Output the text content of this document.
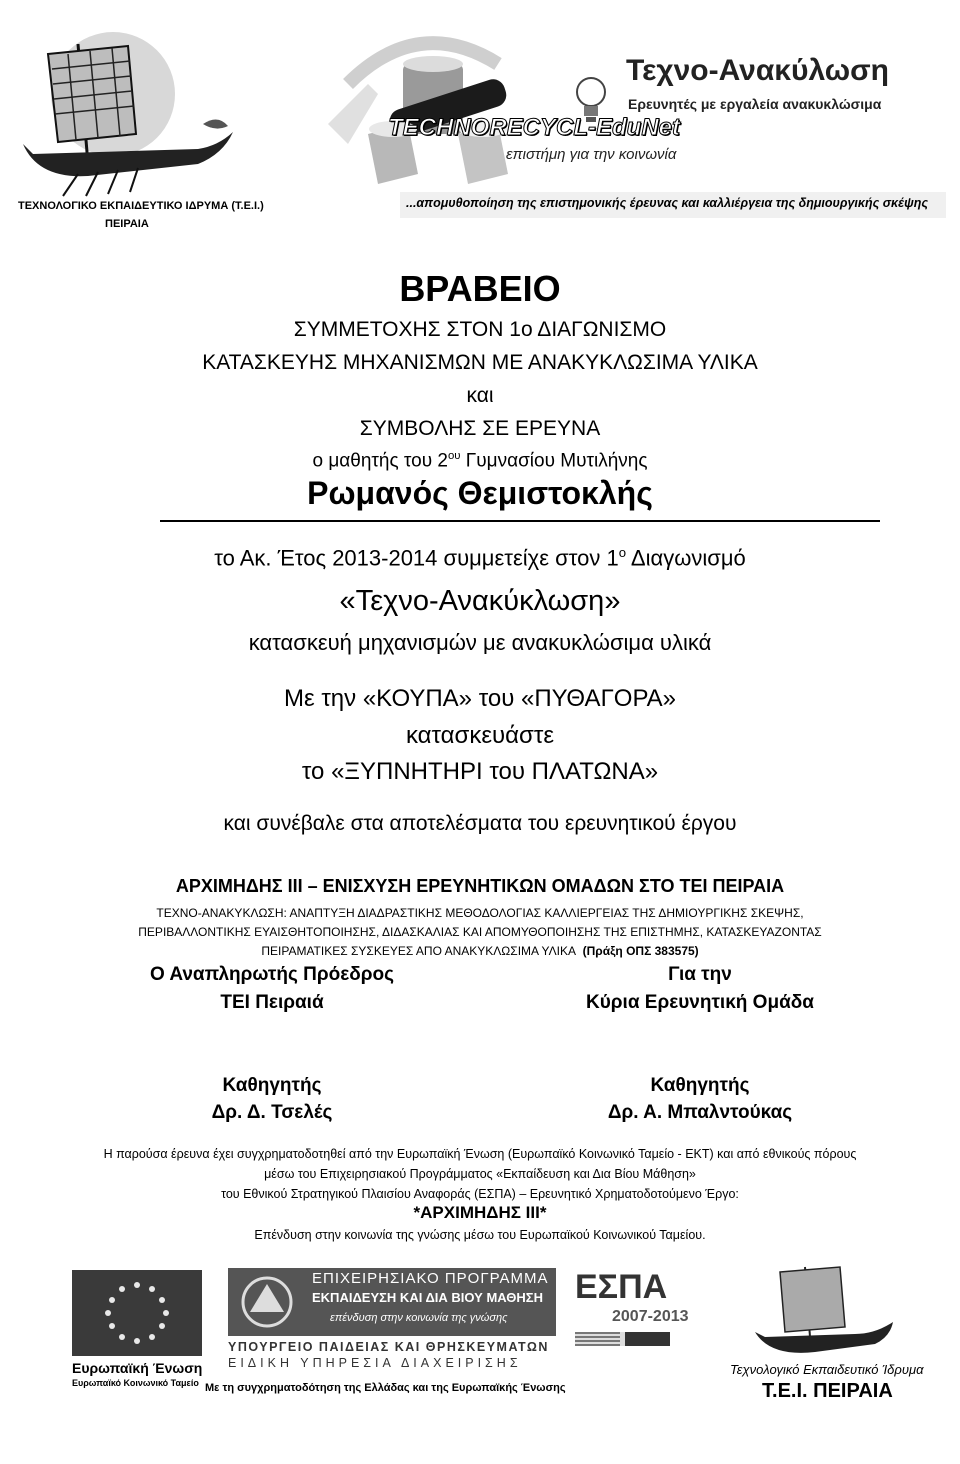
ΤΕΧΝΟΛΟΓΙΚΟ ΕΚΠΑΙΔΕΥΤΙΚΟ ΙΔΡΥΜΑ (Τ.Ε.Ι.)
ΠΕΙΡΑΙΑ
Τεχνο-Ανακύλωση
Ερευνητές με εργαλεία ανακυκλώσιμα
TECHNORECYCL-EduNet
επιστήμη για την κοινωνία
...απομυθοποίηση της επιστημονικής έρευνας και καλλιέργεια της δημιουργικής σκέψης
ΒΡΑΒΕΙΟ
ΣΥΜΜΕΤΟΧΗΣ ΣΤΟΝ 1ο ΔΙΑΓΩΝΙΣΜΟ
ΚΑΤΑΣΚΕΥΗΣ ΜΗΧΑΝΙΣΜΩΝ ΜΕ ΑΝΑΚΥΚΛΩΣΙΜΑ ΥΛΙΚΑ
και
ΣΥΜΒΟΛΗΣ ΣΕ ΕΡΕΥΝΑ
ο μαθητής του $2^{o\upsilon}$ Γυμνασίου Μυτιλήνης
Ρωμανός Θεμιστοκλής
το Ακ. Έτος 2013-2014 συμμετείχε στον $1^o$ Διαγωνισμό
«Τεχνο-Ανακύκλωση»
κατασκευή μηχανισμών με ανακυκλώσιμα υλικά
Με την «ΚΟΥΠΑ» του «ΠΥΘΑΓΟΡΑ»
κατασκευάστε
το «ΞΥΠΝΗΤΗΡΙ του ΠΛΑΤΩΝΑ»
και συνέβαλε στα αποτελέσματα του ερευνητικού έργου
ΑΡΧΙΜΗΔΗΣ ΙΙΙ – ΕΝΙΣΧΥΣΗ ΕΡΕΥΝΗΤΙΚΩΝ ΟΜΑΔΩΝ ΣΤΟ ΤΕΙ ΠΕΙΡΑΙΑ
ΤΕΧΝΟ-ΑΝΑΚΥΚΛΩΣΗ: ΑΝΑΠΤΥΞΗ ΔΙΑΔΡΑΣΤΙΚΗΣ ΜΕΘΟΔΟΛΟΓΙΑΣ ΚΑΛΛΙΕΡΓΕΙΑΣ ΤΗΣ ΔΗΜΙΟΥΡΓΙΚΗΣ ΣΚΕΨΗΣ,
ΠΕΡΙΒΑΛΛΟΝΤΙΚΗΣ ΕΥΑΙΣΘΗΤΟΠΟΙΗΣΗΣ, ΔΙΔΑΣΚΑΛΙΑΣ ΚΑΙ ΑΠΟΜΥΘΟΠΟΙΗΣΗΣ ΤΗΣ ΕΠΙΣΤΗΜΗΣ, ΚΑΤΑΣΚΕΥΑΖΟΝΤΑΣ
ΠΕΙΡΑΜΑΤΙΚΕΣ ΣΥΣΚΕΥΕΣ ΑΠΟ ΑΝΑΚΥΚΛΩΣΙΜΑ ΥΛΙΚΑ (Πράξη ΟΠΣ 383575)
Ο Αναπληρωτής Πρόεδρος
ΤΕΙ Πειραιά
Για την
Κύρια Ερευνητική Ομάδα
Καθηγητής
Δρ. Δ. Τσελές
Καθηγητής
Δρ. Α. Μπαλντούκας
Η παρούσα έρευνα έχει συγχρηματοδοτηθεί από την Ευρωπαϊκή Ένωση (Ευρωπαϊκό Κοινωνικό Ταμείο - ΕΚΤ) και από εθνικούς πόρους
μέσω του Επιχειρησιακού Προγράμματος «Εκπαίδευση και Δια Βίου Μάθηση»
του Εθνικού Στρατηγικού Πλαισίου Αναφοράς (ΕΣΠΑ) – Ερευνητικό Χρηματοδοτούμενο Έργο:
*ΑΡΧΙΜΗΔΗΣ ΙΙΙ*
Επένδυση στην κοινωνία της γνώσης μέσω του Ευρωπαϊκού Κοινωνικού Ταμείου.
Ευρωπαϊκή Ένωση
Ευρωπαϊκό Κοινωνικό Ταμείο
ΕΠΙΧΕΙΡΗΣΙΑΚΟ ΠΡΟΓΡΑΜΜΑ
ΕΚΠΑΙΔΕΥΣΗ ΚΑΙ ΔΙΑ ΒΙΟΥ ΜΑΘΗΣΗ
επένδυση στην κοινωνία της γνώσης
ΥΠΟΥΡΓΕΙΟ ΠΑΙΔΕΙΑΣ ΚΑΙ ΘΡΗΣΚΕΥΜΑΤΩΝ
ΕΙΔΙΚΗ ΥΠΗΡΕΣΙΑ ΔΙΑΧΕΙΡΙΣΗΣ
Με τη συγχρηματοδότηση της Ελλάδας και της Ευρωπαϊκής Ένωσης
ΕΣΠΑ
2007-2013
Τεχνολογικό Εκπαιδευτικό Ίδρυμα
Τ.Ε.Ι. ΠΕΙΡΑΙΑ
